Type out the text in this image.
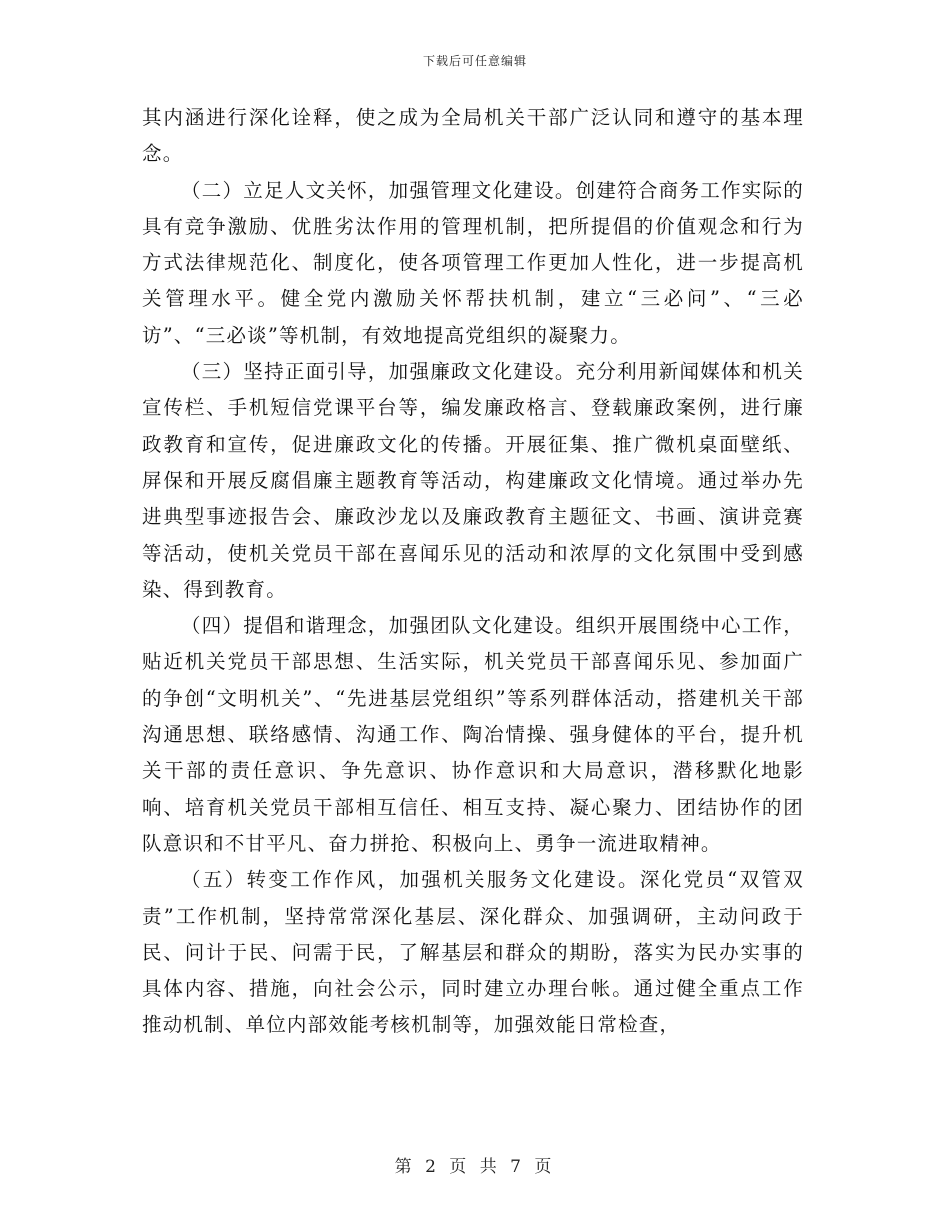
下载后可任意编辑

其内涵进行深化诠释，使之成为全局机关干部广泛认同和遵守的基本理念。

（二）立足人文关怀，加强管理文化建设。创建符合商务工作实际的具有竞争激励、优胜劣汰作用的管理机制，把所提倡的价值观念和行为方式法律规范化、制度化，使各项管理工作更加人性化，进一步提高机关管理水平。健全党内激励关怀帮扶机制，建立“三必问”、“三必访”、“三必谈”等机制，有效地提高党组织的凝聚力。

（三）坚持正面引导，加强廉政文化建设。充分利用新闻媒体和机关宣传栏、手机短信党课平台等，编发廉政格言、登载廉政案例，进行廉政教育和宣传，促进廉政文化的传播。开展征集、推广微机桌面壁纸、屏保和开展反腐倡廉主题教育等活动，构建廉政文化情境。通过举办先进典型事迹报告会、廉政沙龙以及廉政教育主题征文、书画、演讲竞赛等活动，使机关党员干部在喜闻乐见的活动和浓厚的文化氛围中受到感染、得到教育。

（四）提倡和谐理念，加强团队文化建设。组织开展围绕中心工作，贴近机关党员干部思想、生活实际，机关党员干部喜闻乐见、参加面广的争创“文明机关”、“先进基层党组织”等系列群体活动，搭建机关干部沟通思想、联络感情、沟通工作、陶冶情操、强身健体的平台，提升机关干部的责任意识、争先意识、协作意识和大局意识，潜移默化地影响、培育机关党员干部相互信任、相互支持、凝心聚力、团结协作的团队意识和不甘平凡、奋力拼抢、积极向上、勇争一流进取精神。

（五）转变工作作风，加强机关服务文化建设。深化党员“双管双责”工作机制，坚持常常深化基层、深化群众、加强调研，主动问政于民、问计于民、问需于民，了解基层和群众的期盼，落实为民办实事的具体内容、措施，向社会公示，同时建立办理台帐。通过健全重点工作推动机制、单位内部效能考核机制等，加强效能日常检查，

第 2 页 共 7 页
